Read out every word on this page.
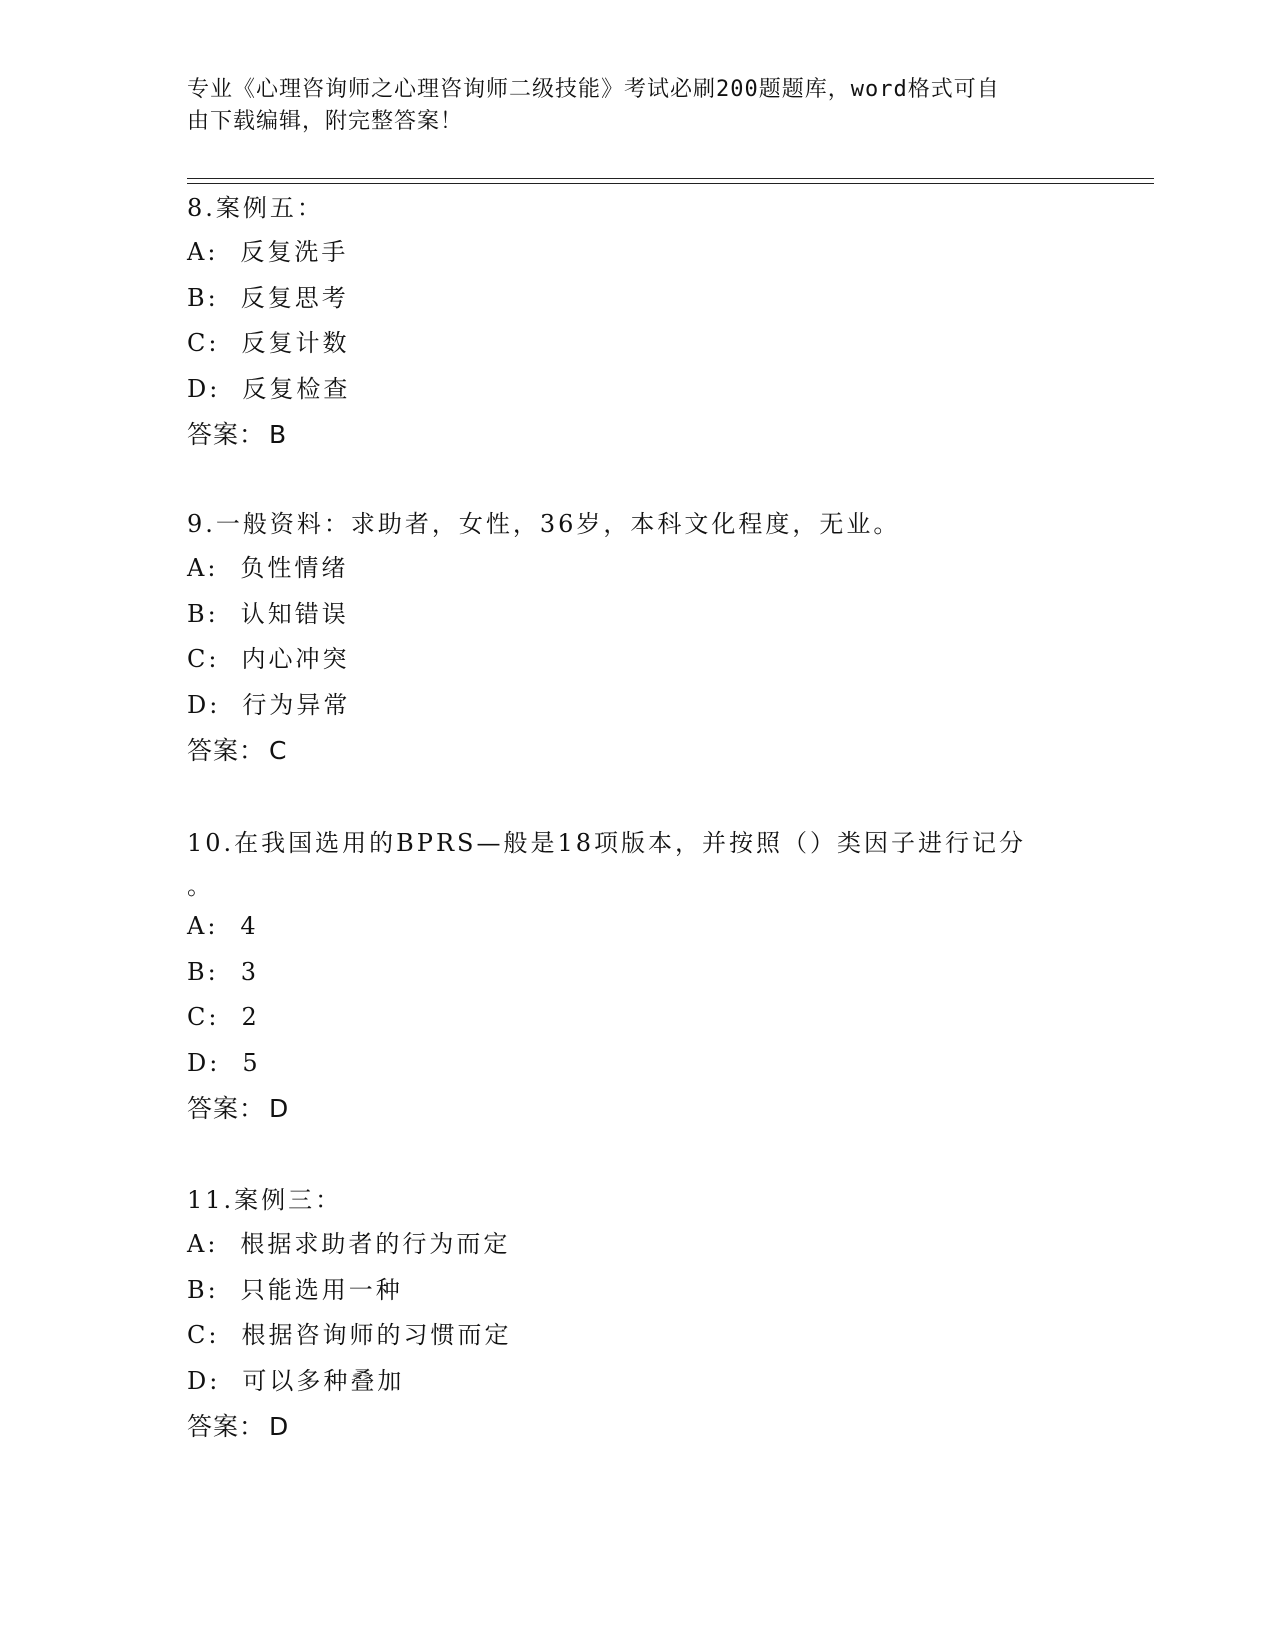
专业《心理咨询师之心理咨询师二级技能》考试必刷200题题库，word格式可自
由下载编辑，附完整答案！
8.案例五：
A: 反复洗手
B: 反复思考
C: 反复计数
D: 反复检查
答案： B
9.一般资料：求助者，女性，36岁，本科文化程度，无业。
A: 负性情绪
B: 认知错误
C: 内心冲突
D: 行为异常
答案： C
10.在我国选用的BPRS—般是18项版本，并按照（）类因子进行记分
。
A: 4
B: 3
C: 2
D: 5
答案： D
11.案例三：
A: 根据求助者的行为而定
B: 只能选用一种
C: 根据咨询师的习惯而定
D: 可以多种叠加
答案： D
